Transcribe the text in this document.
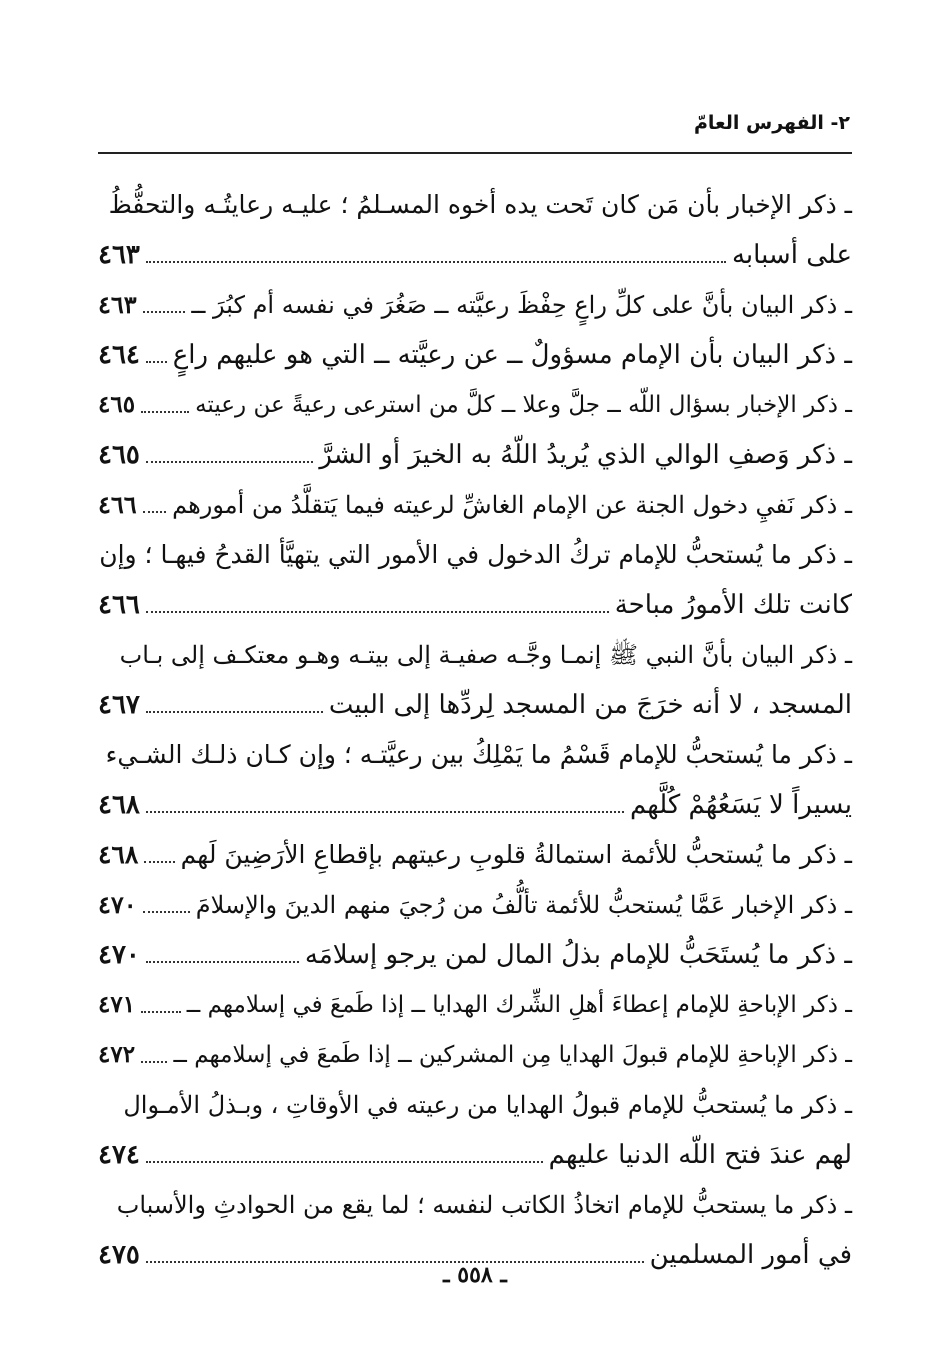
٢- الفهرس العامّ
ـ ذكر الإخبار بأن مَن كان تَحت يده أخوه المسـلمُ ؛ عليـه رعايتُـه والتحفُّظُ
على أسبابه
٤٦٣
ـ ذكر البيان بأنَّ على كلِّ راعٍ حِفْظَ رعيَّته ــ صَغُرَ في نفسه أم كبُرَ ــ
٤٦٣
ـ ذكر البيان بأن الإمام مسؤولٌ ــ عن رعيَّته ــ التي هو عليهم راعٍ
٤٦٤
ـ ذكر الإخبار بسؤال اللّه ــ جلَّ وعلا ــ كلَّ من استرعى رعيةً عن رعيته
٤٦٥
ـ ذكر وَصفِ الوالي الذي يُريدُ اللّهُ به الخيرَ أو الشرَّ
٤٦٥
ـ ذكر نَفيِ دخول الجنة عن الإمام الغاشِّ لرعيته فيما يَتقلَّدُ من أمورهم
٤٦٦
ـ ذكر ما يُستحبُّ للإمام تركُ الدخول في الأمور التي يتهيَّأ القدحُ فيهـا ؛ وإن
كانت تلك الأمورُ مباحة
٤٦٦
ـ ذكر البيان بأنَّ النبي ﷺ إنمـا وجَّـه صفيـة إلى بيتـه وهـو معتكـف إلى بـاب
المسجد ، لا أنه خرَجَ من المسجد لِردِّها إلى البيت
٤٦٧
ـ ذكر ما يُستحبُّ للإمام قَسْمُ ما يَمْلِكُ بين رعيَّتـه ؛ وإن كـان ذلـك الشـيء
يسيراً لا يَسَعُهُمْ كُلَّهم
٤٦٨
ـ ذكر ما يُستحبُّ للأئمة استمالةُ قلوبِ رعيتهم بإقطاعِ الأرَضِينَ لَهم
٤٦٨
ـ ذكر الإخبار عَمَّا يُستحبُّ للأئمة تألُّفُ من رُجيَ منهم الدينَ والإسلامَ
٤٧٠
ـ ذكر ما يُستَحَبُّ للإمام بذلُ المال لمن يرجو إسلامَه
٤٧٠
ـ ذكر الإباحةِ للإمام إعطاءَ أهلِ الشِّرك الهدايا ــ إذا طَمعَ في إسلامهم ــ
٤٧١
ـ ذكر الإباحةِ للإمام قبولَ الهدايا مِن المشركين ــ إذا طَمعَ في إسلامهم ــ
٤٧٢
ـ ذكر ما يُستحبُّ للإمام قبولُ الهدايا من رعيته في الأوقاتِ ، وبـذلُ الأمـوال
لهم عندَ فتح اللّه الدنيا عليهم
٤٧٤
ـ ذكر ما يستحبُّ للإمام اتخاذُ الكاتب لنفسه ؛ لما يقع من الحوادثِ والأسباب
في أمور المسلمين
٤٧٥
ـ ٥٥٨ ـ
